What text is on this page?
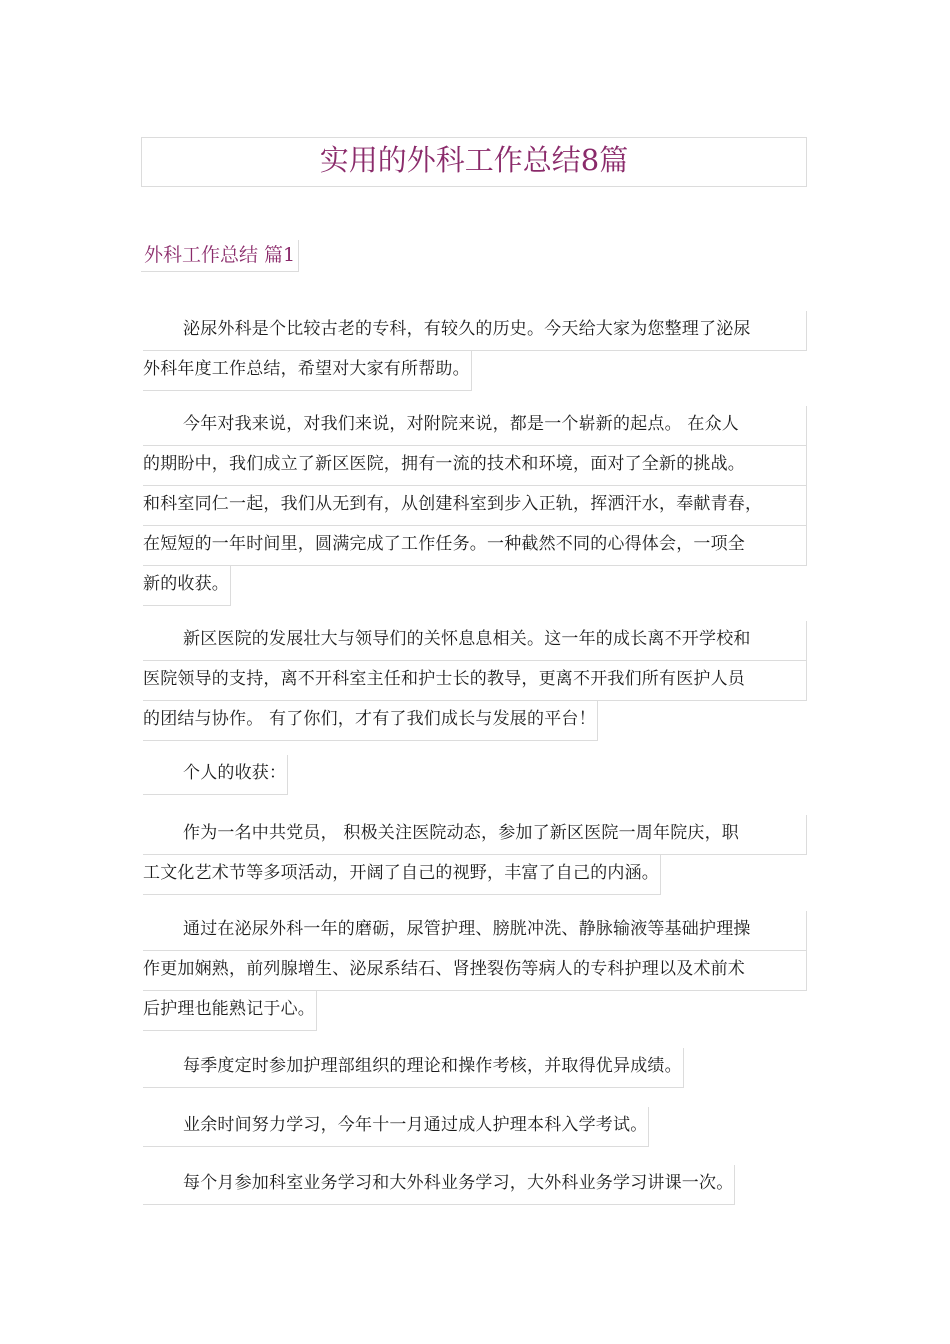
实用的外科工作总结8篇
外科工作总结 篇1
泌尿外科是个比较古老的专科，有较久的历史。今天给大家为您整理了泌尿
外科年度工作总结，希望对大家有所帮助。
今年对我来说，对我们来说，对附院来说，都是一个崭新的起点。 在众人
的期盼中，我们成立了新区医院，拥有一流的技术和环境，面对了全新的挑战。
和科室同仁一起，我们从无到有，从创建科室到步入正轨，挥洒汗水，奉献青春，
在短短的一年时间里，圆满完成了工作任务。一种截然不同的心得体会，一项全
新的收获。
新区医院的发展壮大与领导们的关怀息息相关。这一年的成长离不开学校和
医院领导的支持，离不开科室主任和护士长的教导，更离不开我们所有医护人员
的团结与协作。 有了你们，才有了我们成长与发展的平台！
个人的收获：
作为一名中共党员， 积极关注医院动态，参加了新区医院一周年院庆，职
工文化艺术节等多项活动，开阔了自己的视野，丰富了自己的内涵。
通过在泌尿外科一年的磨砺，尿管护理、膀胱冲洗、静脉输液等基础护理操
作更加娴熟，前列腺增生、泌尿系结石、肾挫裂伤等病人的专科护理以及术前术
后护理也能熟记于心。
每季度定时参加护理部组织的理论和操作考核，并取得优异成绩。
业余时间努力学习，今年十一月通过成人护理本科入学考试。
每个月参加科室业务学习和大外科业务学习，大外科业务学习讲课一次。
